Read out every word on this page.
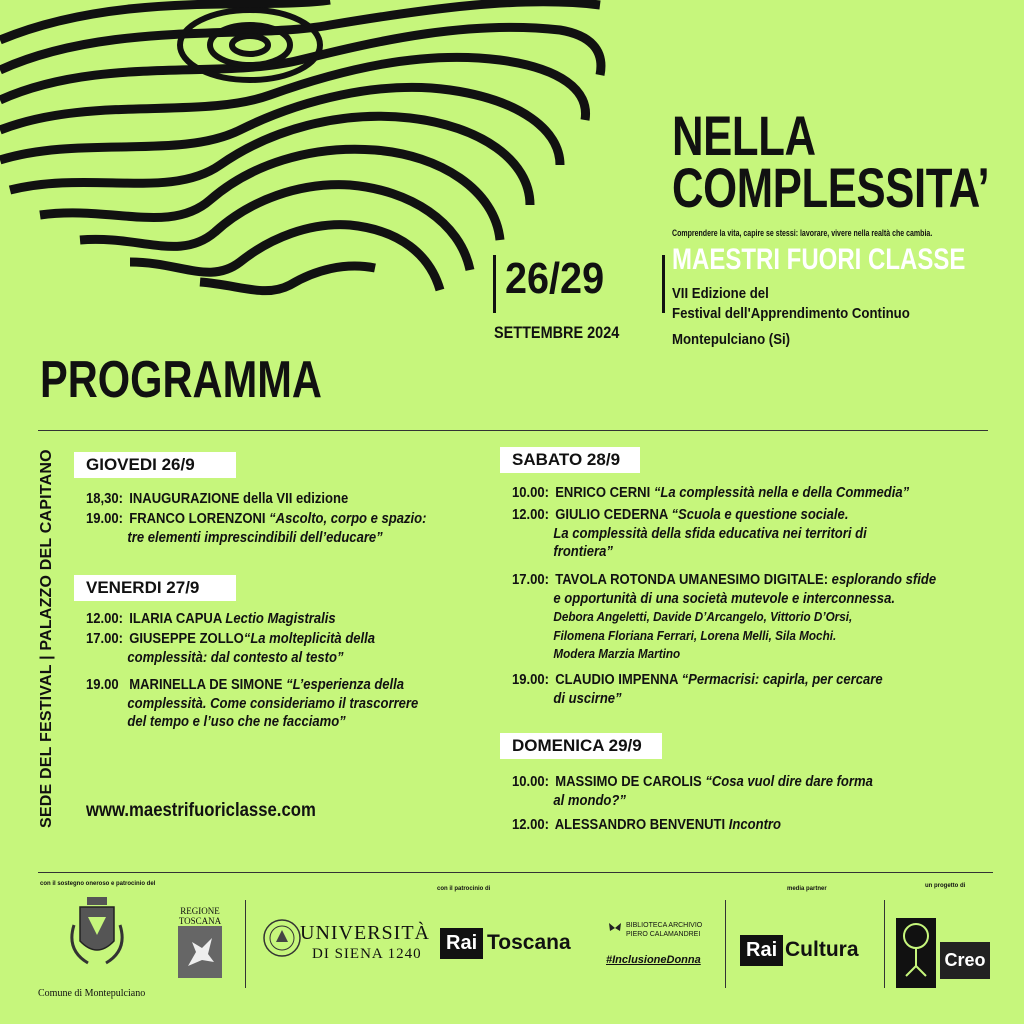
NELLA
COMPLESSITA’
Comprendere la vita, capire se stessi: lavorare, vivere nella realtà che cambia.
26/29
SETTEMBRE 2024
MAESTRI FUORI CLASSE
VII Edizione del
Festival dell'Apprendimento Continuo
Montepulciano (Si)
PROGRAMMA
SEDE DEL FESTIVAL | PALAZZO DEL CAPITANO	GIOVEDI 26/9
18,30: INAUGURAZIONE della VII edizione
19.00: FRANCO LORENZONI “Ascolto, corpo e spazio:
tre elementi imprescindibili dell’educare”
VENERDI 27/9
12.00: ILARIA CAPUA Lectio Magistralis
17.00: GIUSEPPE ZOLLO“La molteplicità della
complessità: dal contesto al testo”
19.00 MARINELLA DE SIMONE “L’esperienza della
complessità. Come consideriamo il trascorrere
del tempo e l’uso che ne facciamo”
www.maestrifuoriclasse.com
SABATO 28/9
10.00: ENRICO CERNI “La complessità nella e della Commedia”
12.00: GIULIO CEDERNA “Scuola e questione sociale.
La complessità della sfida educativa nei territori di
frontiera”
17.00: TAVOLA ROTONDA UMANESIMO DIGITALE: esplorando sfide
e opportunità di una società mutevole e interconnessa.
Debora Angeletti, Davide D’Arcangelo, Vittorio D’Orsi,
Filomena Floriana Ferrari, Lorena Melli, Sila Mochi.
Modera Marzia Martino
19.00: CLAUDIO IMPENNA “Permacrisi: capirla, per cercare
di uscirne”
DOMENICA 29/9
10.00: MASSIMO DE CAROLIS “Cosa vuol dire dare forma
al mondo?”
12.00: ALESSANDRO BENVENUTI Incontro
con il sostegno oneroso e patrocinio del
con il patrocinio di	media partner	un progetto di
Comune di Montepulciano
REGIONE
TOSCANA
UNIVERSITÀ
DI SIENA 1240	Rai Toscana
BIBLIOTECA ARCHIVIO
PIERO CALAMANDREI
#InclusioneDonna	Rai Cultura	Creo
